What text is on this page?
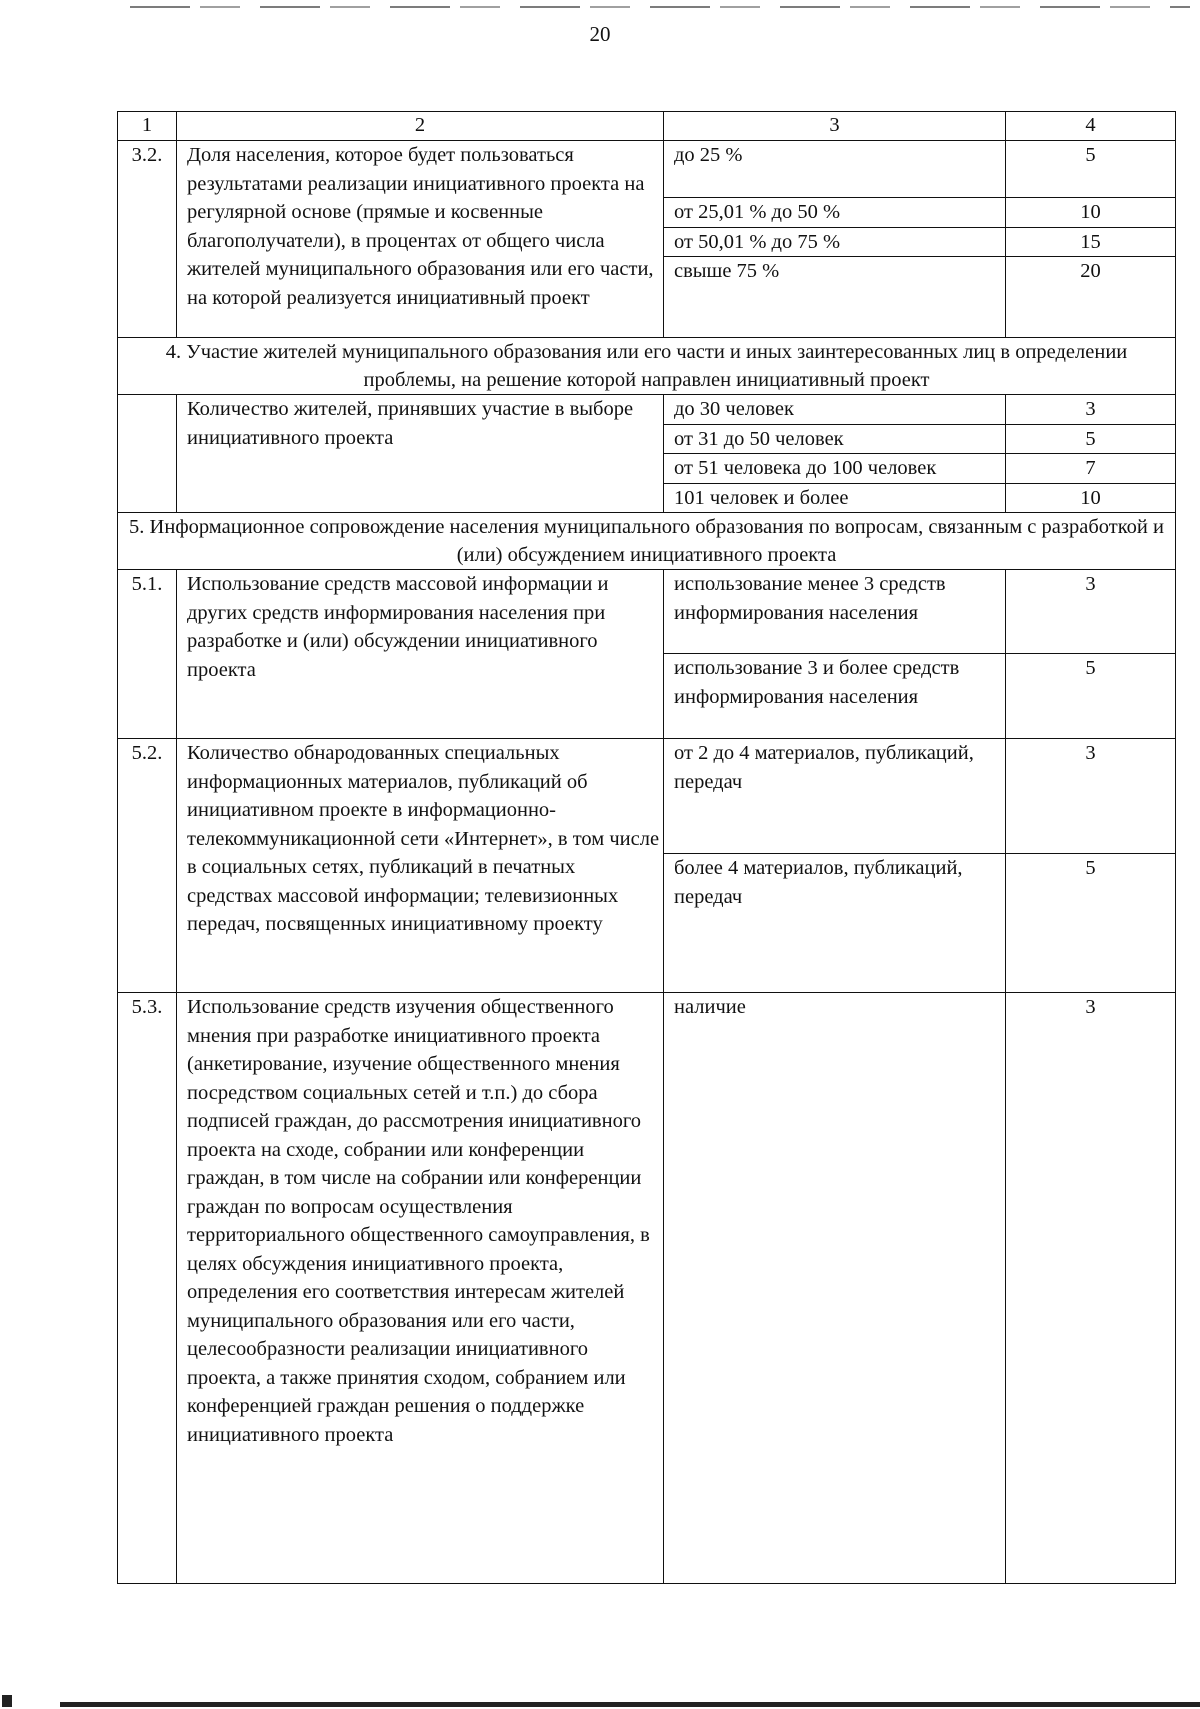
20
1	2	3	4
3.2.	Доля населения, которое будет пользоваться результатами реализации инициативного проекта на регулярной основе (прямые и косвенные благополучатели), в процентах от общего числа жителей муниципального образования или его части, на которой реализуется инициативный проект	до 25 %	5
		от 25,01 % до 50 %	10
		от 50,01 % до 75 %	15
		свыше 75 %	20
4. Участие жителей муниципального образования или его части и иных заинтересованных лиц в определении проблемы, на решение которой направлен инициативный проект			
	Количество жителей, принявших участие в выборе инициативного проекта	до 30 человек	3
		от 31 до 50 человек	5
		от 51 человека до 100 человек	7
		101 человек и более	10
5. Информационное сопровождение населения муниципального образования по вопросам, связанным с разработкой и (или) обсуждением инициативного проекта			
5.1.	Использование средств массовой информации и других средств информирования населения при разработке и (или) обсуждении инициативного проекта	использование менее 3 средств информирования населения	3
		использование 3 и более средств информирования населения	5
5.2.	Количество обнародованных специальных информационных материалов, публикаций об инициативном проекте в информационно-телекоммуникационной сети «Интернет», в том числе в социальных сетях, публикаций в печатных средствах массовой информации; телевизионных передач, посвященных инициативному проекту	от 2 до 4 материалов, публикаций, передач	3
		более 4 материалов, публикаций, передач	5
5.3.	Использование средств изучения общественного мнения при разработке инициативного проекта (анкетирование, изучение общественного мнения посредством социальных сетей и т.п.) до сбора подписей граждан, до рассмотрения инициативного проекта на сходе, собрании или конференции граждан, в том числе на собрании или конференции граждан по вопросам осуществления территориального общественного самоуправления, в целях обсуждения инициативного проекта, определения его соответствия интересам жителей муниципального образования или его части, целесообразности реализации инициативного проекта, а также принятия сходом, собранием или конференцией граждан решения о поддержке инициативного проекта	наличие	3
